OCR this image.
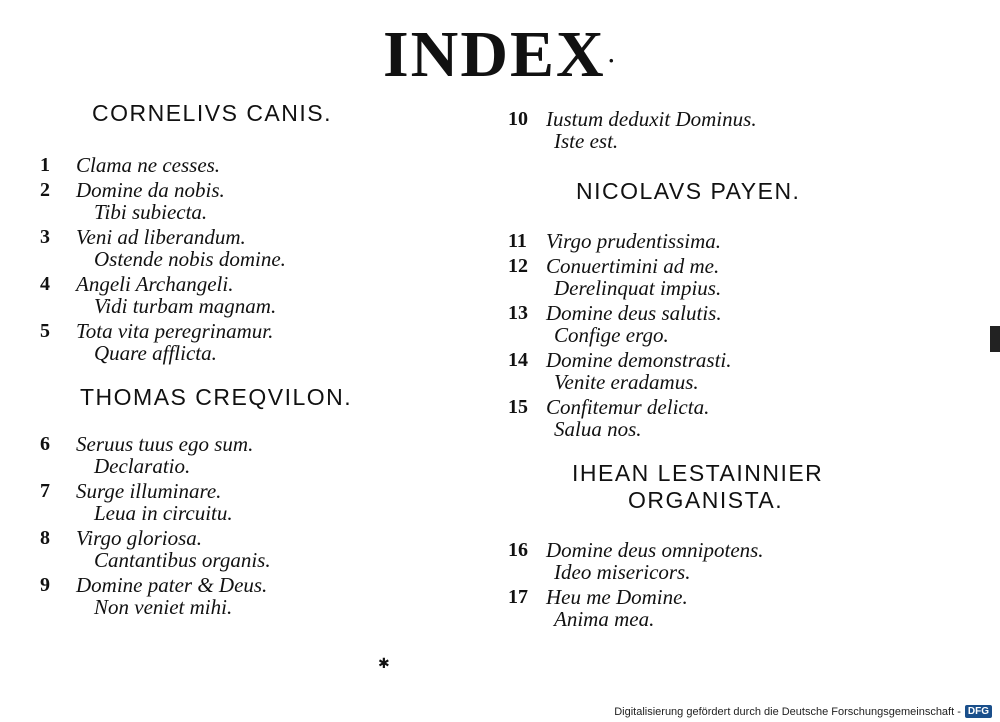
INDEX·
CORNELIVS CANIS.
1	Clama ne cesses.
2	Domine da nobis.
Tibi subiecta.
3	Veni ad liberandum.
Ostende nobis domine.
4	Angeli Archangeli.
Vidi turbam magnam.
5	Tota vita peregrinamur.
Quare afflicta.
THOMAS CREQVILON.
6	Seruus tuus ego sum.
Declaratio.
7	Surge illuminare.
Leua in circuitu.
8	Virgo gloriosa.
Cantantibus organis.
9	Domine pater & Deus.
Non veniet mihi.
10 Iustum deduxit Dominus.
Iste est.
NICOLAVS PAYEN.
11 Virgo prudentissima.
12 Conuertimini ad me.
Derelinquat impius.
13 Domine deus salutis.
Confige ergo.
14 Domine demonstrasti.
Venite eradamus.
15 Confitemur delicta.
Salua nos.
IHEAN LESTAINNIER
ORGANISTA.
16 Domine deus omnipotens.
Ideo misericors.
17 Heu me Domine.
Anima mea.
✱
Digitalisierung gefördert durch die Deutsche Forschungsgemeinschaft - DFG
